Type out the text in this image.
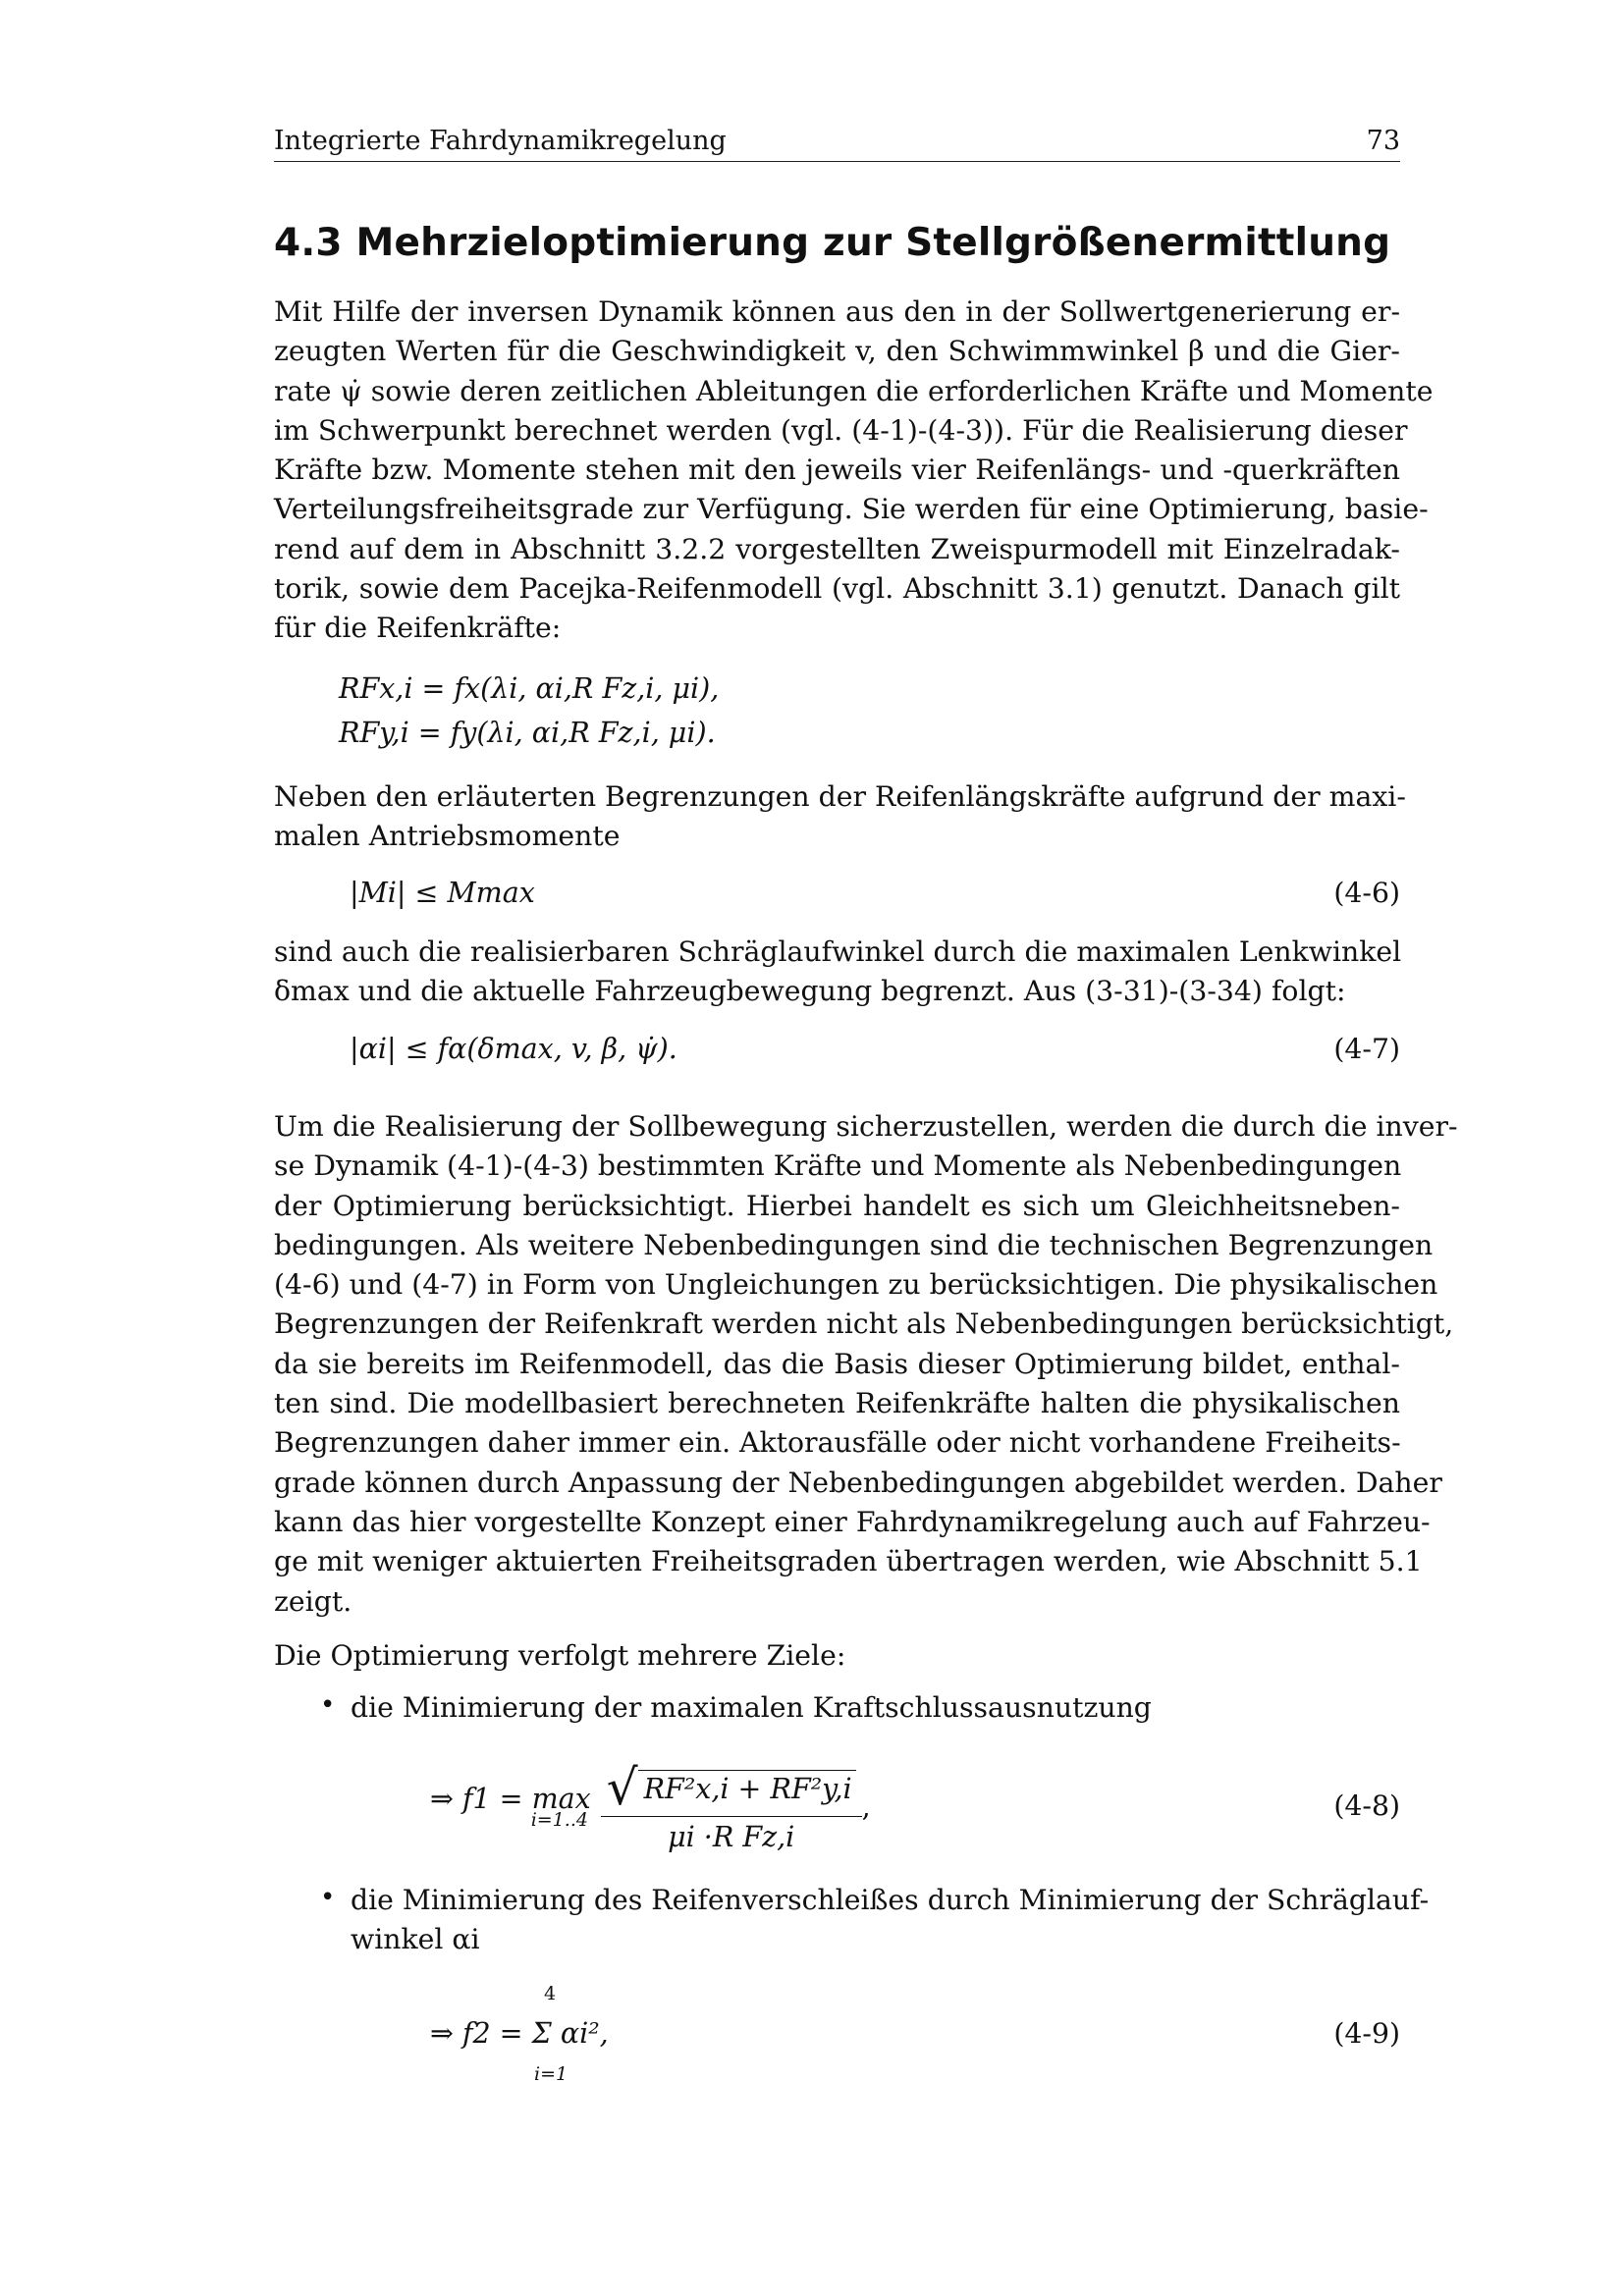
Integrierte Fahrdynamikregelung	73
4.3 Mehrzieloptimierung zur Stellgrößenermittlung
Mit Hilfe der inversen Dynamik können aus den in der Sollwertgenerierung er-
zeugten Werten für die Geschwindigkeit v, den Schwimmwinkel β und die Gier-
rate ψ̇ sowie deren zeitlichen Ableitungen die erforderlichen Kräfte und Momente
im Schwerpunkt berechnet werden (vgl. (4-1)-(4-3)). Für die Realisierung dieser
Kräfte bzw. Momente stehen mit den jeweils vier Reifenlängs- und -querkräften
Verteilungsfreiheitsgrade zur Verfügung. Sie werden für eine Optimierung, basie-
rend auf dem in Abschnitt 3.2.2 vorgestellten Zweispurmodell mit Einzelradak-
torik, sowie dem Pacejka-Reifenmodell (vgl. Abschnitt 3.1) genutzt. Danach gilt
für die Reifenkräfte:
RFx,i = fx(λi, αi,R Fz,i, μi),
RFy,i = fy(λi, αi,R Fz,i, μi).
Neben den erläuterten Begrenzungen der Reifenlängskräfte aufgrund der maxi-
malen Antriebsmomente
|Mi| ≤ Mmax	(4-6)
sind auch die realisierbaren Schräglaufwinkel durch die maximalen Lenkwinkel
δmax und die aktuelle Fahrzeugbewegung begrenzt. Aus (3-31)-(3-34) folgt:
|αi| ≤ fα(δmax, v, β, ψ̇).	(4-7)
Um die Realisierung der Sollbewegung sicherzustellen, werden die durch die inver-
se Dynamik (4-1)-(4-3) bestimmten Kräfte und Momente als Nebenbedingungen
der Optimierung berücksichtigt. Hierbei handelt es sich um Gleichheitsneben-
bedingungen. Als weitere Nebenbedingungen sind die technischen Begrenzungen
(4-6) und (4-7) in Form von Ungleichungen zu berücksichtigen. Die physikalischen
Begrenzungen der Reifenkraft werden nicht als Nebenbedingungen berücksichtigt,
da sie bereits im Reifenmodell, das die Basis dieser Optimierung bildet, enthal-
ten sind. Die modellbasiert berechneten Reifenkräfte halten die physikalischen
Begrenzungen daher immer ein. Aktorausfälle oder nicht vorhandene Freiheits-
grade können durch Anpassung der Nebenbedingungen abgebildet werden. Daher
kann das hier vorgestellte Konzept einer Fahrdynamikregelung auch auf Fahrzeu-
ge mit weniger aktuierten Freiheitsgraden übertragen werden, wie Abschnitt 5.1
zeigt.
Die Optimierung verfolgt mehrere Ziele:
• die Minimierung der maximalen Kraftschlussausnutzung
⇒ f1 = max
$i=1..4 \frac{\text{√ RF²x,i + RF²y,i}}{\text{μi ·R Fz,i}}$ ,	(4-8)
• die Minimierung des Reifenverschleißes durch Minimierung der Schräglauf-
winkel αi
4
⇒ f2 = Σ αi²,
i=1
(4-9)
